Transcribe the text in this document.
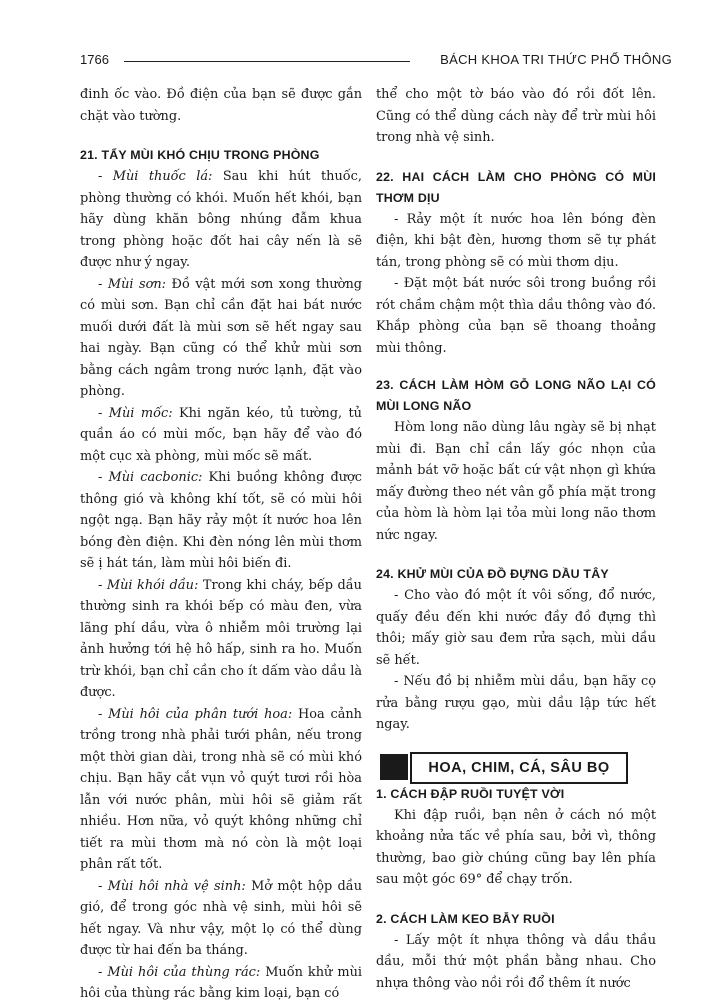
1766	BÁCH KHOA TRI THỨC PHỔ THÔNG

đinh ốc vào. Đồ điện của bạn sẽ được gắn chặt vào tường.

21. TẨY MÙI KHÓ CHỊU TRONG PHÒNG

- Mùi thuốc lá: Sau khi hút thuốc, phòng thường có khói. Muốn hết khói, bạn hãy dùng khăn bông nhúng đẫm khua trong phòng hoặc đốt hai cây nến là sẽ được như ý ngay.

- Mùi sơn: Đồ vật mới sơn xong thường có mùi sơn. Bạn chỉ cần đặt hai bát nước muối dưới đất là mùi sơn sẽ hết ngay sau hai ngày. Bạn cũng có thể khử mùi sơn bằng cách ngâm trong nước lạnh, đặt vào phòng.

- Mùi mốc: Khi ngăn kéo, tủ tường, tủ quần áo có mùi mốc, bạn hãy để vào đó một cục xà phòng, mùi mốc sẽ mất.

- Mùi cacbonic: Khi buồng không được thông gió và không khí tốt, sẽ có mùi hôi ngột ngạ. Bạn hãy rảy một ít nước hoa lên bóng đèn điện. Khi đèn nóng lên mùi thơm sẽ ị hát tán, làm mùi hôi biến đi.

- Mùi khói dầu: Trong khi cháy, bếp dầu thường sinh ra khói bếp có màu đen, vừa lãng phí dầu, vừa ô nhiễm môi trường lại ảnh hưởng tới hệ hô hấp, sinh ra ho. Muốn trừ khói, bạn chỉ cần cho ít dấm vào dầu là được.

- Mùi hôi của phân tưới hoa: Hoa cảnh trồng trong nhà phải tưới phân, nếu trong một thời gian dài, trong nhà sẽ có mùi khó chịu. Bạn hãy cắt vụn vỏ quýt tươi rồi hòa lẫn với nước phân, mùi hôi sẽ giảm rất nhiều. Hơn nữa, vỏ quýt không những chỉ tiết ra mùi thơm mà nó còn là một loại phân rất tốt.

- Mùi hôi nhà vệ sinh: Mở một hộp dầu gió, để trong góc nhà vệ sinh, mùi hôi sẽ hết ngay. Và như vậy, một lọ có thể dùng được từ hai đến ba tháng.

- Mùi hôi của thùng rác: Muốn khử mùi hôi của thùng rác bằng kim loại, bạn có

thể cho một tờ báo vào đó rồi đốt lên. Cũng có thể dùng cách này để trừ mùi hôi trong nhà vệ sinh.

22. HAI CÁCH LÀM CHO PHÒNG CÓ MÙI THƠM DỊU

- Rảy một ít nước hoa lên bóng đèn điện, khi bật đèn, hương thơm sẽ tự phát tán, trong phòng sẽ có mùi thơm dịu.

- Đặt một bát nước sôi trong buồng rồi rót chầm chậm một thìa dầu thông vào đó. Khắp phòng của bạn sẽ thoang thoảng mùi thông.

23. CÁCH LÀM HÒM GỖ LONG NÃO LẠI CÓ MÙI LONG NÃO

Hòm long não dùng lâu ngày sẽ bị nhạt mùi đi. Bạn chỉ cần lấy góc nhọn của mảnh bát vỡ hoặc bất cứ vật nhọn gì khứa mấy đường theo nét vân gỗ phía mặt trong của hòm là hòm lại tỏa mùi long não thơm nức ngay.

24. KHỬ MÙI CỦA ĐỒ ĐỰNG DẦU TÂY

- Cho vào đó một ít vôi sống, đổ nước, quấy đều đến khi nước đầy đồ đựng thì thôi; mấy giờ sau đem rửa sạch, mùi dầu sẽ hết.

- Nếu đồ bị nhiễm mùi dầu, bạn hãy cọ rửa bằng rượu gạo, mùi dầu lập tức hết ngay.

HOA, CHIM, CÁ, SÂU BỌ

1. CÁCH ĐẬP RUỒI TUYỆT VỜI

Khi đập ruồi, bạn nên ở cách nó một khoảng nửa tấc về phía sau, bởi vì, thông thường, bao giờ chúng cũng bay lên phía sau một góc 69° để chạy trốn.

2. CÁCH LÀM KEO BẪY RUỒI

- Lấy một ít nhựa thông và dầu thầu dầu, mỗi thứ một phần bằng nhau. Cho nhựa thông vào nồi rồi đổ thêm ít nước
